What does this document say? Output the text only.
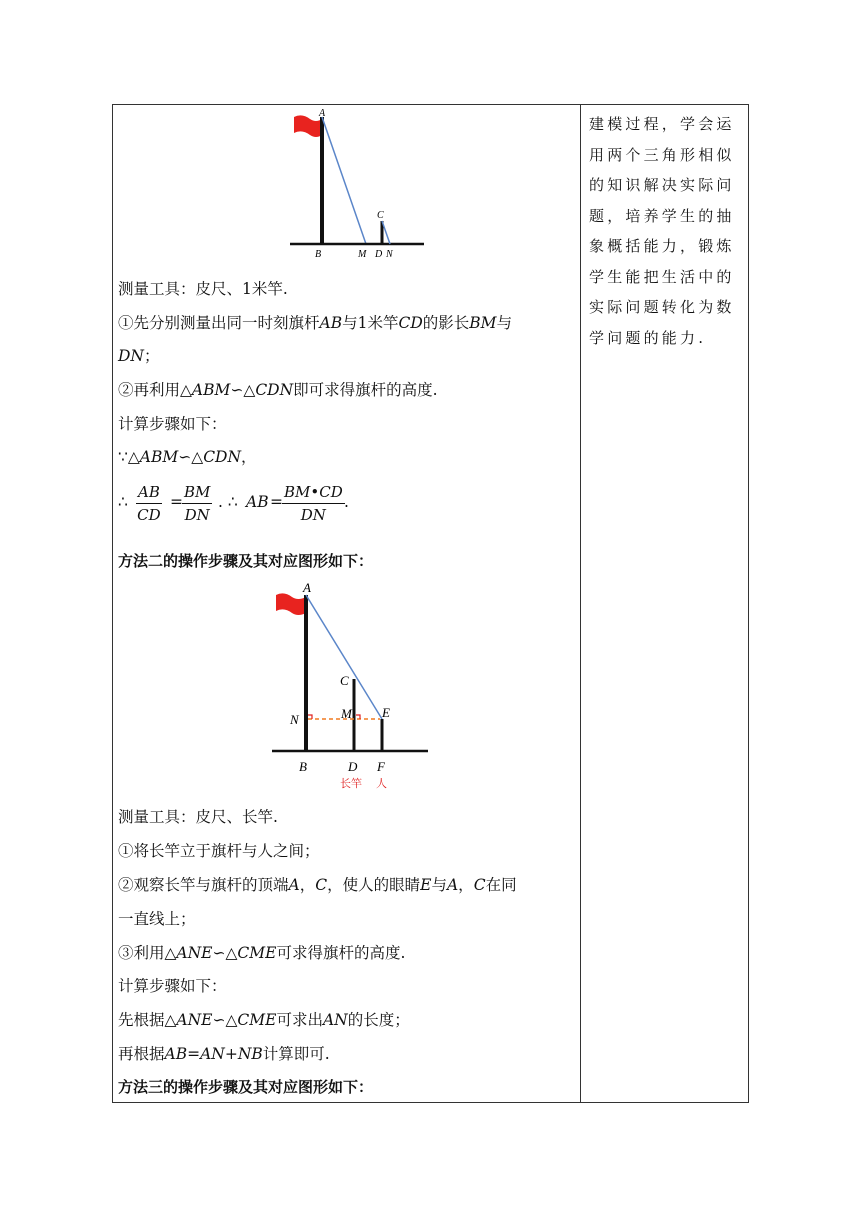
A
B
C
M D N
测量工具：皮尺、1米竿.
①先分别测量出同一时刻旗杆AB与1米竿CD的影长BM与
DN；
②再利用△ABM∽△CDN即可求得旗杆的高度.
计算步骤如下：
∵△ABM∽△CDN，
∴ $\frac{AB}{CD} = \frac{BM}{DN}$ . ∴ AB = $\frac{BM•CD}{DN}$ .
方法二的操作步骤及其对应图形如下：
A
C
N	M E
B	D F
长竿 人
测量工具：皮尺、长竿.
①将长竿立于旗杆与人之间；
②观察长竿与旗杆的顶端A，C，使人的眼睛E与A，C在同
一直线上；
③利用△ANE∽△CME可求得旗杆的高度.
计算步骤如下：
先根据△ANE∽△CME可求出AN的长度；
再根据AB=AN+NB计算即可.
方法三的操作步骤及其对应图形如下：
建模过程，学会运用两个三角形相似的知识解决实际问题，培养学生的抽象概括能力，锻炼学生能把生活中的实际问题转化为数学问题的能力.
